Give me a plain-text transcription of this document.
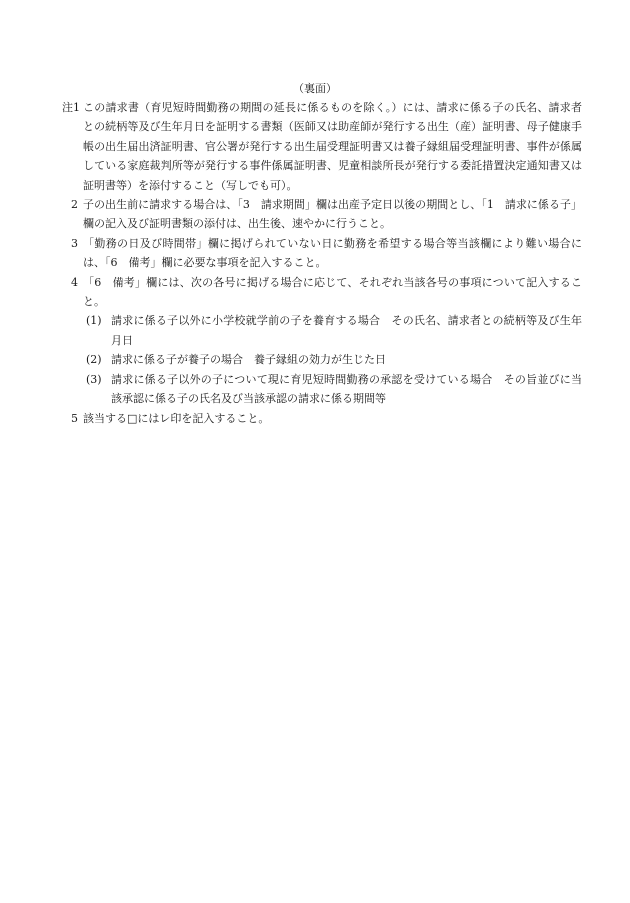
（裏面）
注1 この請求書（育児短時間勤務の期間の延長に係るものを除く。）には、請求に係る子の氏名、請求者との続柄等及び生年月日を証明する書類（医師又は助産師が発行する出生（産）証明書、母子健康手帳の出生届出済証明書、官公署が発行する出生届受理証明書又は養子縁組届受理証明書、事件が係属している家庭裁判所等が発行する事件係属証明書、児童相談所長が発行する委託措置決定通知書又は証明書等）を添付すること（写しでも可）。
2 子の出生前に請求する場合は、「3　請求期間」欄は出産予定日以後の期間とし、「1　請求に係る子」欄の記入及び証明書類の添付は、出生後、速やかに行うこと。
3 「勤務の日及び時間帯」欄に掲げられていない日に勤務を希望する場合等当該欄により難い場合には、「6　備考」欄に必要な事項を記入すること。
4 「6　備考」欄には、次の各号に掲げる場合に応じて、それぞれ当該各号の事項について記入すること。
(1) 請求に係る子以外に小学校就学前の子を養育する場合　その氏名、請求者との続柄等及び生年月日
(2) 請求に係る子が養子の場合　養子縁組の効力が生じた日
(3) 請求に係る子以外の子について現に育児短時間勤務の承認を受けている場合　その旨並びに当該承認に係る子の氏名及び当該承認の請求に係る期間等
5 該当する□にはレ印を記入すること。
